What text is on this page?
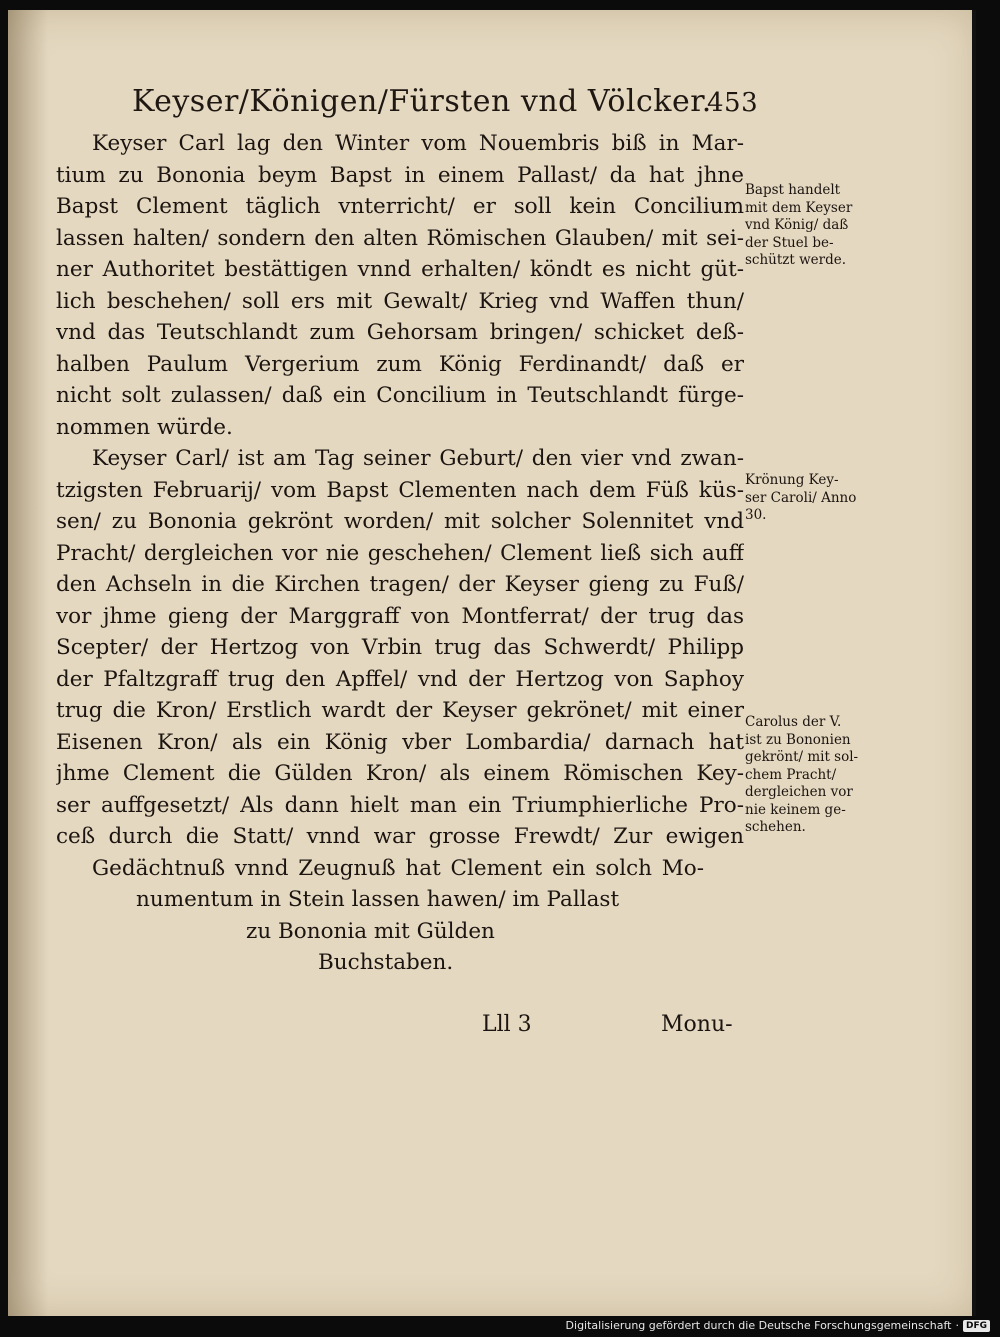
Keyser/Königen/Fürsten vnd Völcker.
453
Keyser Carl lag den Winter vom Nouembris biß in Mar-
tium zu Bononia beym Bapst in einem Pallast/ da hat jhne
Bapst Clement täglich vnterricht/ er soll kein Concilium
lassen halten/ sondern den alten Römischen Glauben/ mit sei-
ner Authoritet bestättigen vnnd erhalten/ köndt es nicht güt-
lich beschehen/ soll ers mit Gewalt/ Krieg vnd Waffen thun/
vnd das Teutschlandt zum Gehorsam bringen/ schicket deß-
halben Paulum Vergerium zum König Ferdinandt/ daß er
nicht solt zulassen/ daß ein Concilium in Teutschlandt fürge-
nommen würde.
Keyser Carl/ ist am Tag seiner Geburt/ den vier vnd zwan-
tzigsten Februarij/ vom Bapst Clementen nach dem Füß küs-
sen/ zu Bononia gekrönt worden/ mit solcher Solennitet vnd
Pracht/ dergleichen vor nie geschehen/ Clement ließ sich auff
den Achseln in die Kirchen tragen/ der Keyser gieng zu Fuß/
vor jhme gieng der Marggraff von Montferrat/ der trug das
Scepter/ der Hertzog von Vrbin trug das Schwerdt/ Philipp
der Pfaltzgraff trug den Apffel/ vnd der Hertzog von Saphoy
trug die Kron/ Erstlich wardt der Keyser gekrönet/ mit einer
Eisenen Kron/ als ein König vber Lombardia/ darnach hat
jhme Clement die Gülden Kron/ als einem Römischen Key-
ser auffgesetzt/ Als dann hielt man ein Triumphierliche Pro-
ceß durch die Statt/ vnnd war grosse Frewdt/ Zur ewigen
Gedächtnuß vnnd Zeugnuß hat Clement ein solch Mo-
numentum in Stein lassen hawen/ im Pallast
zu Bononia mit Gülden
Buchstaben.
Bapst handelt
mit dem Keyser
vnd König/ daß
der Stuel be-
schützt werde.
Krönung Key-
ser Caroli/ Anno
30.
Carolus der V.
ist zu Bononien
gekrönt/ mit sol-
chem Pracht/
dergleichen vor
nie keinem ge-
schehen.
Lll 3	Monu-
Digitalisierung gefördert durch die Deutsche Forschungsgemeinschaft · DFG
